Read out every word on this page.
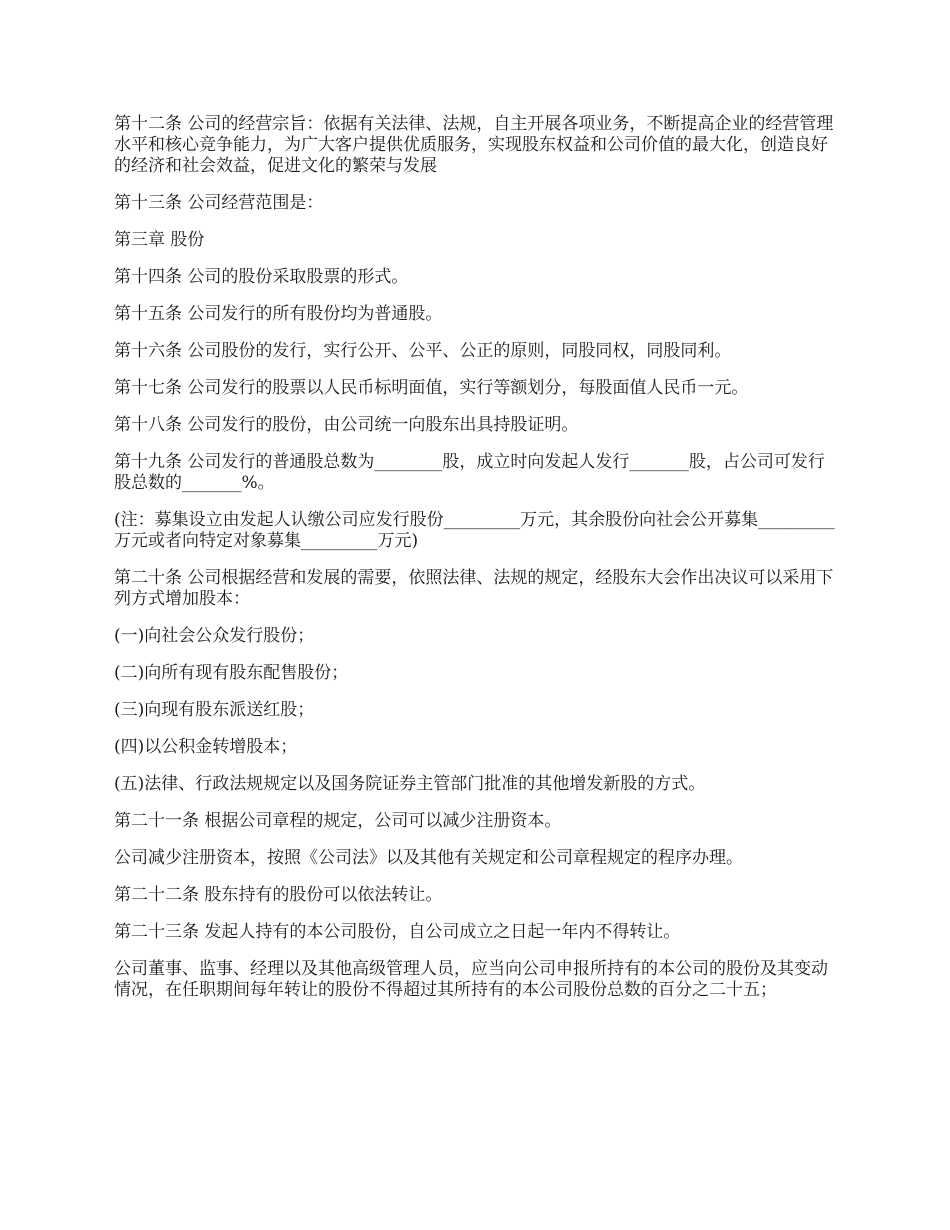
第十二条 公司的经营宗旨：依据有关法律、法规，自主开展各项业务，不断提高企业的经营管理水平和核心竞争能力，为广大客户提供优质服务，实现股东权益和公司价值的最大化，创造良好的经济和社会效益，促进文化的繁荣与发展

第十三条 公司经营范围是：

第三章 股份

第十四条 公司的股份采取股票的形式。

第十五条 公司发行的所有股份均为普通股。

第十六条 公司股份的发行，实行公开、公平、公正的原则，同股同权，同股同利。

第十七条 公司发行的股票以人民币标明面值，实行等额划分，每股面值人民币一元。

第十八条 公司发行的股份，由公司统一向股东出具持股证明。

第十九条 公司发行的普通股总数为________股，成立时向发起人发行_______股，占公司可发行股总数的_______%。

(注：募集设立由发起人认缴公司应发行股份_________万元，其余股份向社会公开募集_________万元或者向特定对象募集_________万元)

第二十条 公司根据经营和发展的需要，依照法律、法规的规定，经股东大会作出决议可以采用下列方式增加股本：

(一)向社会公众发行股份；

(二)向所有现有股东配售股份；

(三)向现有股东派送红股；

(四)以公积金转增股本；

(五)法律、行政法规规定以及国务院证券主管部门批准的其他增发新股的方式。

第二十一条 根据公司章程的规定，公司可以减少注册资本。

公司减少注册资本，按照《公司法》以及其他有关规定和公司章程规定的程序办理。

第二十二条 股东持有的股份可以依法转让。

第二十三条 发起人持有的本公司股份，自公司成立之日起一年内不得转让。

公司董事、监事、经理以及其他高级管理人员，应当向公司申报所持有的本公司的股份及其变动情况，在任职期间每年转让的股份不得超过其所持有的本公司股份总数的百分之二十五；
